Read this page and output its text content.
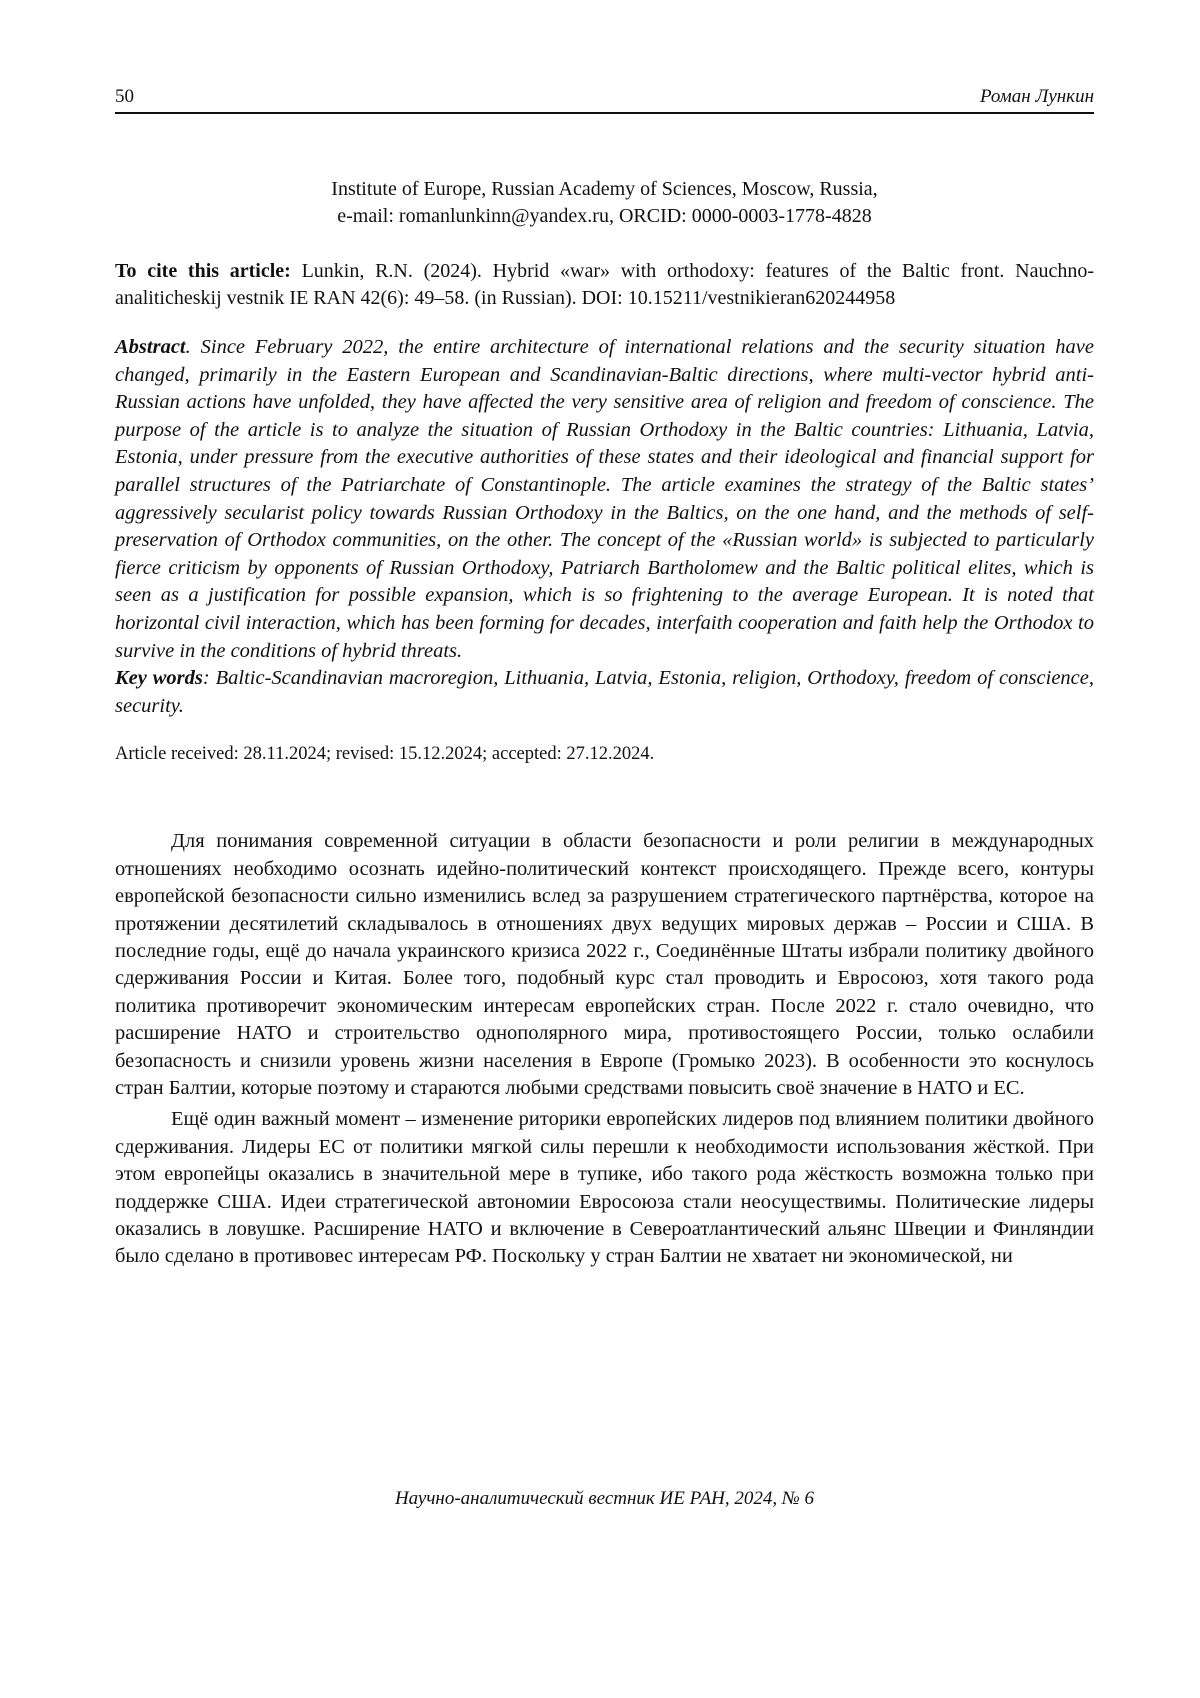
50	Роман Лункин
Institute of Europe, Russian Academy of Sciences, Moscow, Russia,
e-mail: romanlunkinn@yandex.ru, ORCID: 0000-0003-1778-4828
To cite this article: Lunkin, R.N. (2024). Hybrid «war» with orthodoxy: features of the Baltic front. Nauchno-analiticheskij vestnik IE RAN 42(6): 49–58. (in Russian). DOI: 10.15211/vestnikieran620244958
Abstract. Since February 2022, the entire architecture of international relations and the security situation have changed, primarily in the Eastern European and Scandinavian-Baltic directions, where multi-vector hybrid anti-Russian actions have unfolded, they have affected the very sensitive area of religion and freedom of conscience. The purpose of the article is to analyze the situation of Russian Orthodoxy in the Baltic countries: Lithuania, Latvia, Estonia, under pressure from the executive authorities of these states and their ideological and financial support for parallel structures of the Patriarchate of Constantinople. The article examines the strategy of the Baltic states’ aggressively secularist policy towards Russian Orthodoxy in the Baltics, on the one hand, and the methods of self-preservation of Orthodox communities, on the other. The concept of the «Russian world» is subjected to particularly fierce criticism by opponents of Russian Orthodoxy, Patriarch Bartholomew and the Baltic political elites, which is seen as a justification for possible expansion, which is so frightening to the average European. It is noted that horizontal civil interaction, which has been forming for decades, interfaith cooperation and faith help the Orthodox to survive in the conditions of hybrid threats.
Key words: Baltic-Scandinavian macroregion, Lithuania, Latvia, Estonia, religion, Orthodoxy, freedom of conscience, security.
Article received: 28.11.2024; revised: 15.12.2024; accepted: 27.12.2024.

Для понимания современной ситуации в области безопасности и роли религии в международных отношениях необходимо осознать идейно-политический контекст происходящего. Прежде всего, контуры европейской безопасности сильно изменились вслед за разрушением стратегического партнёрства, которое на протяжении десятилетий складывалось в отношениях двух ведущих мировых держав – России и США. В последние годы, ещё до начала украинского кризиса 2022 г., Соединённые Штаты избрали политику двойного сдерживания России и Китая. Более того, подобный курс стал проводить и Евросоюз, хотя такого рода политика противоречит экономическим интересам европейских стран. После 2022 г. стало очевидно, что расширение НАТО и строительство однополярного мира, противостоящего России, только ослабили безопасность и снизили уровень жизни населения в Европе (Громыко 2023). В особенности это коснулось стран Балтии, которые поэтому и стараются любыми средствами повысить своё значение в НАТО и ЕС.

Ещё один важный момент – изменение риторики европейских лидеров под влиянием политики двойного сдерживания. Лидеры ЕС от политики мягкой силы перешли к необходимости использования жёсткой. При этом европейцы оказались в значительной мере в тупике, ибо такого рода жёсткость возможна только при поддержке США. Идеи стратегической автономии Евросоюза стали неосуществимы. Политические лидеры оказались в ловушке. Расширение НАТО и включение в Североатлантический альянс Швеции и Финляндии было сделано в противовес интересам РФ. Поскольку у стран Балтии не хватает ни экономической, ни

Научно-аналитический вестник ИЕ РАН, 2024, № 6
